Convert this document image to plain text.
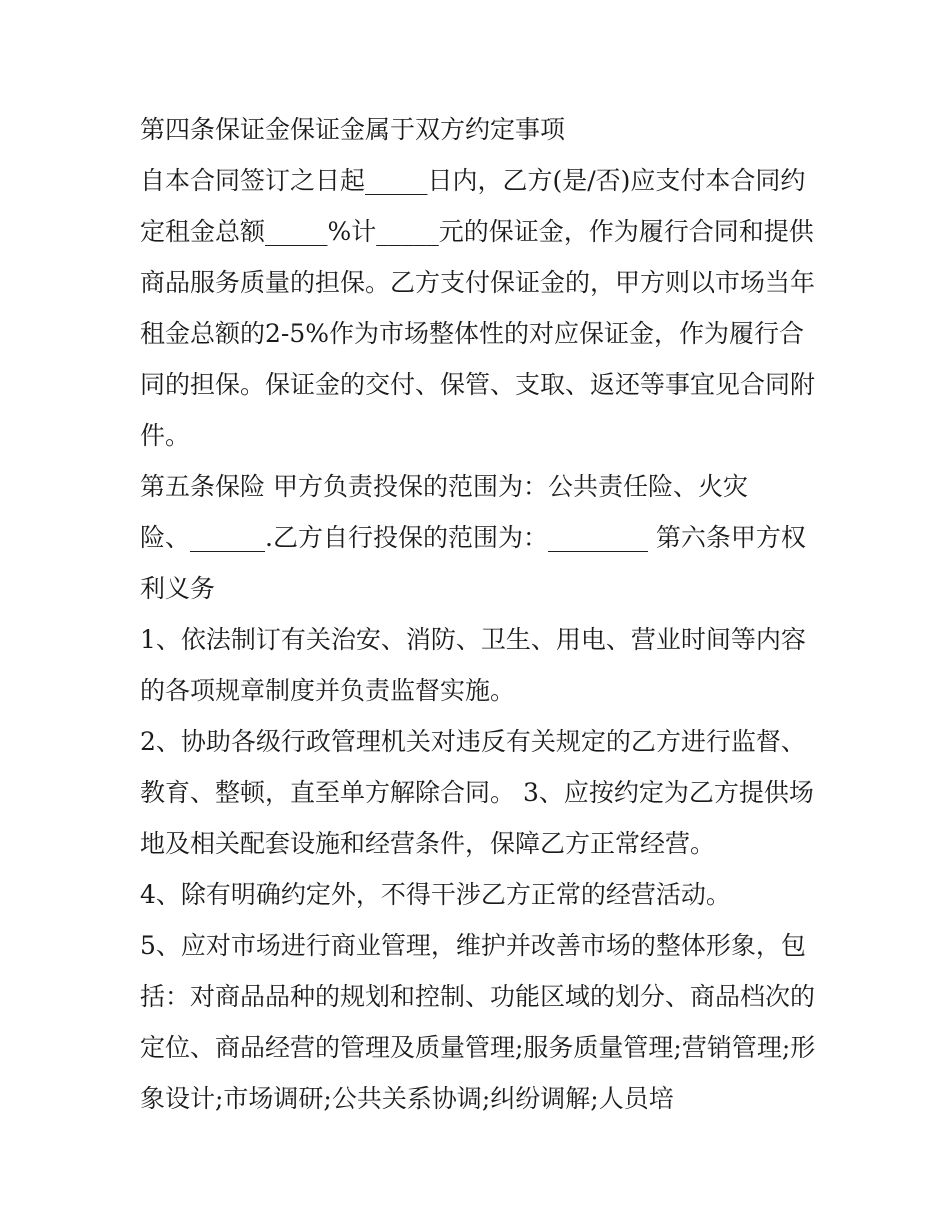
第四条保证金保证金属于双方约定事项
自本合同签订之日起_____日内，乙方(是/否)应支付本合同约
定租金总额_____%计_____元的保证金，作为履行合同和提供
商品服务质量的担保。乙方支付保证金的，甲方则以市场当年
租金总额的2-5%作为市场整体性的对应保证金，作为履行合
同的担保。保证金的交付、保管、支取、返还等事宜见合同附
件。
第五条保险 甲方负责投保的范围为：公共责任险、火灾
险、______.乙方自行投保的范围为：________ 第六条甲方权
利义务
1、依法制订有关治安、消防、卫生、用电、营业时间等内容
的各项规章制度并负责监督实施。
2、协助各级行政管理机关对违反有关规定的乙方进行监督、
教育、整顿，直至单方解除合同。 3、应按约定为乙方提供场
地及相关配套设施和经营条件，保障乙方正常经营。
4、除有明确约定外，不得干涉乙方正常的经营活动。
5、应对市场进行商业管理，维护并改善市场的整体形象，包
括：对商品品种的规划和控制、功能区域的划分、商品档次的
定位、商品经营的管理及质量管理;服务质量管理;营销管理;形
象设计;市场调研;公共关系协调;纠纷调解;人员培
